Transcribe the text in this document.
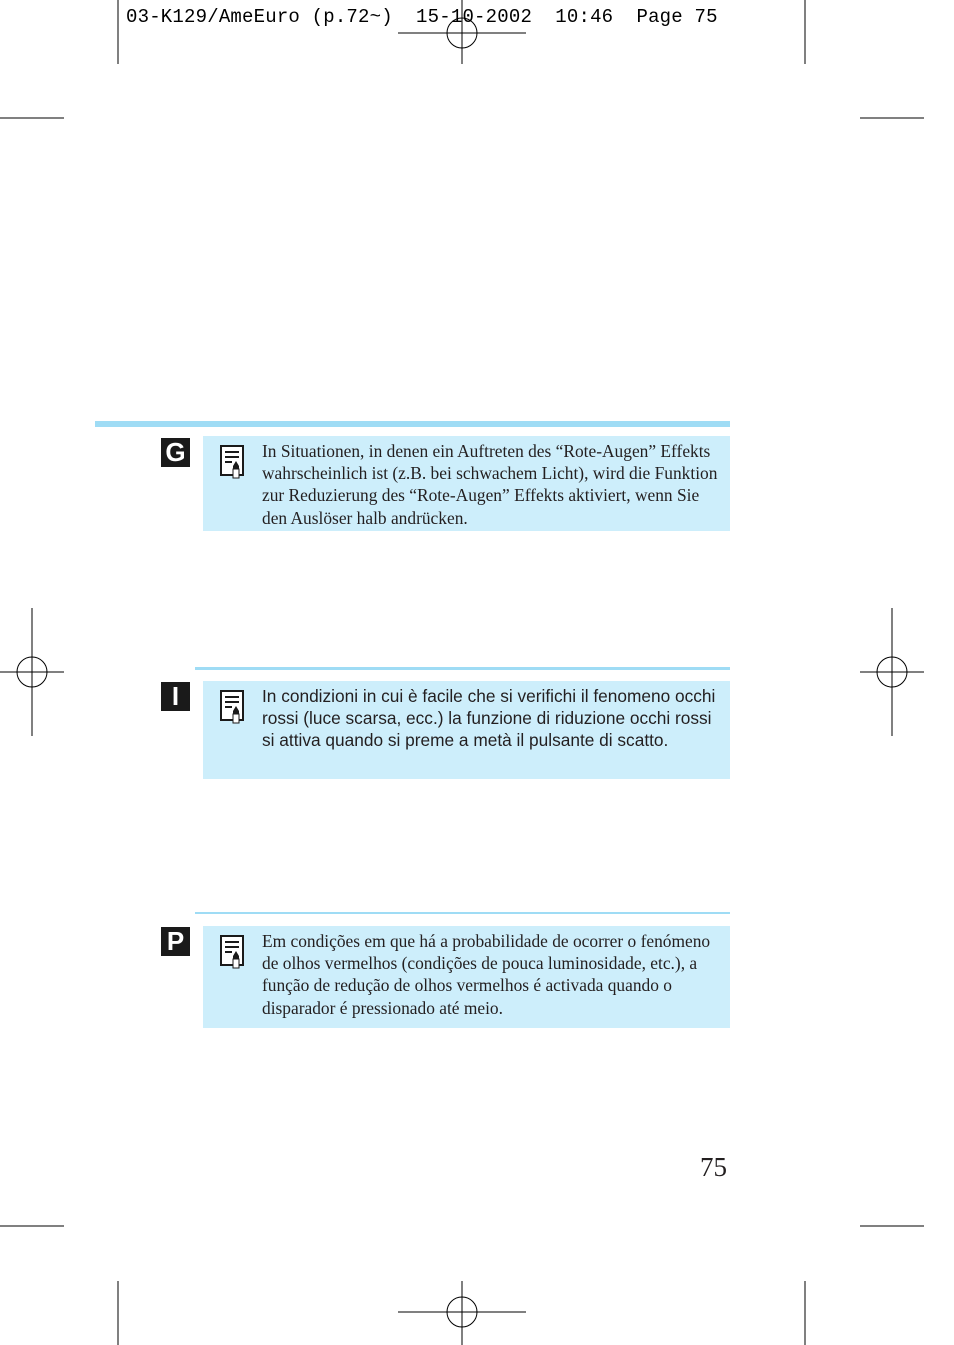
03-K129/AmeEuro (p.72~)  15-10-2002  10:46  Page 75
G	In Situationen, in denen ein Auftreten des “Rote-Augen” Effekts wahrscheinlich ist (z.B. bei schwachem Licht), wird die Funktion zur Reduzierung des “Rote-Augen” Effekts aktiviert, wenn Sie den Auslöser halb andrücken.
I	In condizioni in cui è facile che si verifichi il fenomeno occhi rossi (luce scarsa, ecc.) la funzione di riduzione occhi rossi si attiva quando si preme a metà il pulsante di scatto.
P	Em condições em que há a probabilidade de ocorrer o fenómeno de olhos vermelhos (condições de pouca luminosidade, etc.), a função de redução de olhos vermelhos é activada quando o disparador é pressionado até meio.
75
